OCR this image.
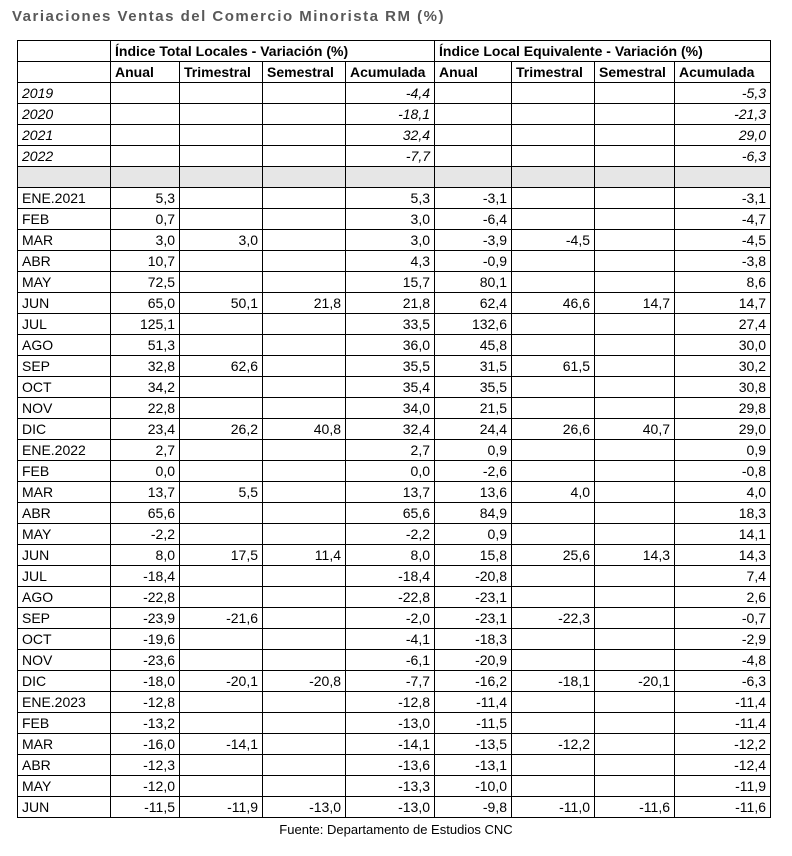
Variaciones Ventas del Comercio Minorista RM (%)
	Índice Total Locales - Variación (%)				Índice Local Equivalente - Variación (%)			
	Anual	Trimestral	Semestral	Acumulada	Anual	Trimestral	Semestral	Acumulada
2019				-4,4				-5,3
2020				-18,1				-21,3
2021				32,4				29,0
2022				-7,7				-6,3

ENE.2021	5,3			5,3	-3,1			-3,1
FEB	0,7			3,0	-6,4			-4,7
MAR	3,0	3,0		3,0	-3,9	-4,5		-4,5
ABR	10,7			4,3	-0,9			-3,8
MAY	72,5			15,7	80,1			8,6
JUN	65,0	50,1	21,8	21,8	62,4	46,6	14,7	14,7
JUL	125,1			33,5	132,6			27,4
AGO	51,3			36,0	45,8			30,0
SEP	32,8	62,6		35,5	31,5	61,5		30,2
OCT	34,2			35,4	35,5			30,8
NOV	22,8			34,0	21,5			29,8
DIC	23,4	26,2	40,8	32,4	24,4	26,6	40,7	29,0
ENE.2022	2,7			2,7	0,9			0,9
FEB	0,0			0,0	-2,6			-0,8
MAR	13,7	5,5		13,7	13,6	4,0		4,0
ABR	65,6			65,6	84,9			18,3
MAY	-2,2			-2,2	0,9			14,1
JUN	8,0	17,5	11,4	8,0	15,8	25,6	14,3	14,3
JUL	-18,4			-18,4	-20,8			7,4
AGO	-22,8			-22,8	-23,1			2,6
SEP	-23,9	-21,6		-2,0	-23,1	-22,3		-0,7
OCT	-19,6			-4,1	-18,3			-2,9
NOV	-23,6			-6,1	-20,9			-4,8
DIC	-18,0	-20,1	-20,8	-7,7	-16,2	-18,1	-20,1	-6,3
ENE.2023	-12,8			-12,8	-11,4			-11,4
FEB	-13,2			-13,0	-11,5			-11,4
MAR	-16,0	-14,1		-14,1	-13,5	-12,2		-12,2
ABR	-12,3			-13,6	-13,1			-12,4
MAY	-12,0			-13,3	-10,0			-11,9
JUN	-11,5	-11,9	-13,0	-13,0	-9,8	-11,0	-11,6	-11,6
Fuente: Departamento de Estudios CNC
